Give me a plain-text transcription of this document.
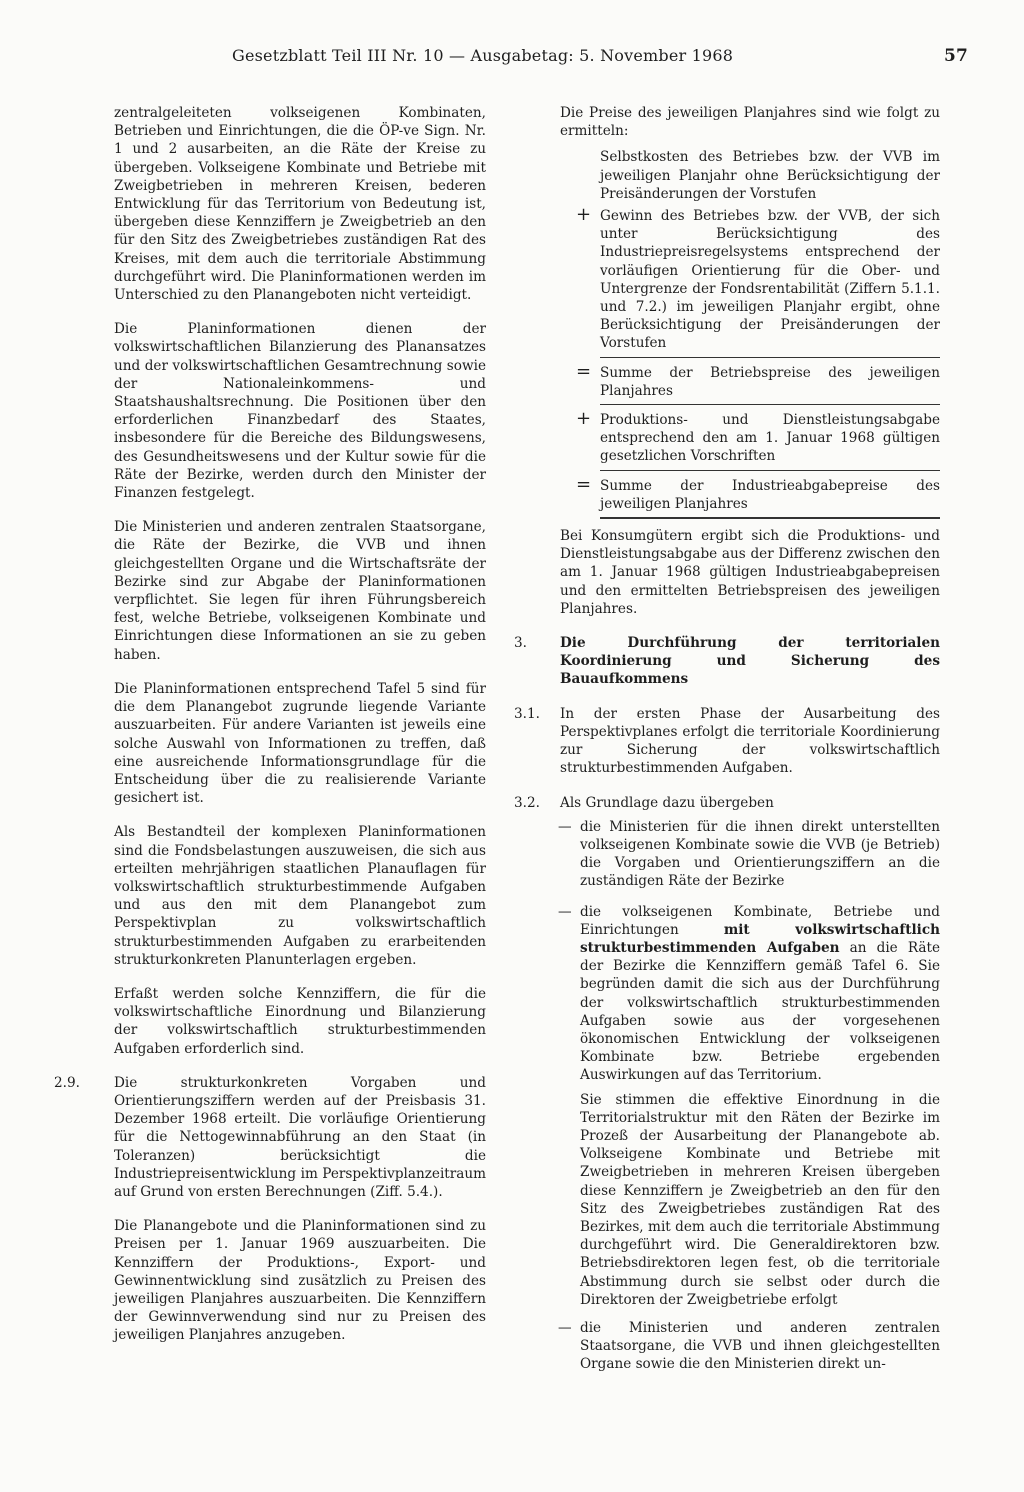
Gesetzblatt Teil III Nr. 10 — Ausgabetag: 5. November 1968	57

zentralgeleiteten volkseigenen Kombinaten, Betrieben und Einrichtungen, die die ÖP-ve Sign. Nr. 1 und 2 ausarbeiten, an die Räte der Kreise zu übergeben. Volkseigene Kombinate und Betriebe mit Zweigbetrieben in mehreren Kreisen, bederen Entwicklung für das Territorium von Bedeutung ist, übergeben diese Kennziffern je Zweigbetrieb an den für den Sitz des Zweigbetriebes zuständigen Rat des Kreises, mit dem auch die territoriale Abstimmung durchgeführt wird. Die Planinformationen werden im Unterschied zu den Planangeboten nicht verteidigt.

Die Planinformationen dienen der volkswirtschaftlichen Bilanzierung des Planansatzes und der volkswirtschaftlichen Gesamtrechnung sowie der Nationaleinkommens- und Staatshaushaltsrechnung. Die Positionen über den erforderlichen Finanzbedarf des Staates, insbesondere für die Bereiche des Bildungswesens, des Gesundheitswesens und der Kultur sowie für die Räte der Bezirke, werden durch den Minister der Finanzen festgelegt.

Die Ministerien und anderen zentralen Staatsorgane, die Räte der Bezirke, die VVB und ihnen gleichgestellten Organe und die Wirtschaftsräte der Bezirke sind zur Abgabe der Planinformationen verpflichtet. Sie legen für ihren Führungsbereich fest, welche Betriebe, volkseigenen Kombinate und Einrichtungen diese Informationen an sie zu geben haben.

Die Planinformationen entsprechend Tafel 5 sind für die dem Planangebot zugrunde liegende Variante auszuarbeiten. Für andere Varianten ist jeweils eine solche Auswahl von Informationen zu treffen, daß eine ausreichende Informationsgrundlage für die Entscheidung über die zu realisierende Variante gesichert ist.

Als Bestandteil der komplexen Planinformationen sind die Fondsbelastungen auszuweisen, die sich aus erteilten mehrjährigen staatlichen Planauflagen für volkswirtschaftlich strukturbestimmende Aufgaben und aus den mit dem Planangebot zum Perspektivplan zu volkswirtschaftlich strukturbestimmenden Aufgaben zu erarbeitenden strukturkonkreten Planunterlagen ergeben.

Erfaßt werden solche Kennziffern, die für die volkswirtschaftliche Einordnung und Bilanzierung der volkswirtschaftlich strukturbestimmenden Aufgaben erforderlich sind.

2.9.	Die strukturkonkreten Vorgaben und Orientierungsziffern werden auf der Preisbasis 31. Dezember 1968 erteilt. Die vorläufige Orientierung für die Nettogewinnabführung an den Staat (in Toleranzen) berücksichtigt die Industriepreisentwicklung im Perspektivplanzeitraum auf Grund von ersten Berechnungen (Ziff. 5.4.).

Die Planangebote und die Planinformationen sind zu Preisen per 1. Januar 1969 auszuarbeiten. Die Kennziffern der Produktions-, Export- und Gewinnentwicklung sind zusätzlich zu Preisen des jeweiligen Planjahres auszuarbeiten. Die Kennziffern der Gewinnverwendung sind nur zu Preisen des jeweiligen Planjahres anzugeben.

Die Preise des jeweiligen Planjahres sind wie folgt zu ermitteln:

Selbstkosten des Betriebes bzw. der VVB im jeweiligen Planjahr ohne Berücksichtigung der Preisänderungen der Vorstufen
+ Gewinn des Betriebes bzw. der VVB, der sich unter Berücksichtigung des Industriepreisregelsystems entsprechend der vorläufigen Orientierung für die Ober- und Untergrenze der Fondsrentabilität (Ziffern 5.1.1. und 7.2.) im jeweiligen Planjahr ergibt, ohne Berücksichtigung der Preisänderungen der Vorstufen
= Summe der Betriebspreise des jeweiligen Planjahres
+ Produktions- und Dienstleistungsabgabe entsprechend den am 1. Januar 1968 gültigen gesetzlichen Vorschriften
= Summe der Industrieabgabepreise des jeweiligen Planjahres

Bei Konsumgütern ergibt sich die Produktions- und Dienstleistungsabgabe aus der Differenz zwischen den am 1. Januar 1968 gültigen Industrieabgabepreisen und den ermittelten Betriebspreisen des jeweiligen Planjahres.

3. Die Durchführung der territorialen Koordinierung und Sicherung des Bauaufkommens
3.1. In der ersten Phase der Ausarbeitung des Perspektivplanes erfolgt die territoriale Koordinierung zur Sicherung der volkswirtschaftlich strukturbestimmenden Aufgaben.
3.2. Als Grundlage dazu übergeben
— die Ministerien für die ihnen direkt unterstellten volkseigenen Kombinate sowie die VVB (je Betrieb) die Vorgaben und Orientierungsziffern an die zuständigen Räte der Bezirke
— die volkseigenen Kombinate, Betriebe und Einrichtungen mit volkswirtschaftlich strukturbestimmenden Aufgaben an die Räte der Bezirke die Kennziffern gemäß Tafel 6. Sie begründen damit die sich aus der Durchführung der volkswirtschaftlich strukturbestimmenden Aufgaben sowie aus der vorgesehenen ökonomischen Entwicklung der volkseigenen Kombinate bzw. Betriebe ergebenden Auswirkungen auf das Territorium.

Sie stimmen die effektive Einordnung in die Territorialstruktur mit den Räten der Bezirke im Prozeß der Ausarbeitung der Planangebote ab. Volkseigene Kombinate und Betriebe mit Zweigbetrieben in mehreren Kreisen übergeben diese Kennziffern je Zweigbetrieb an den für den Sitz des Zweigbetriebes zuständigen Rat des Bezirkes, mit dem auch die territoriale Abstimmung durchgeführt wird. Die Generaldirektoren bzw. Betriebsdirektoren legen fest, ob die territoriale Abstimmung durch sie selbst oder durch die Direktoren der Zweigbetriebe erfolgt

— die Ministerien und anderen zentralen Staatsorgane, die VVB und ihnen gleichgestellten Organe sowie die den Ministerien direkt un-
